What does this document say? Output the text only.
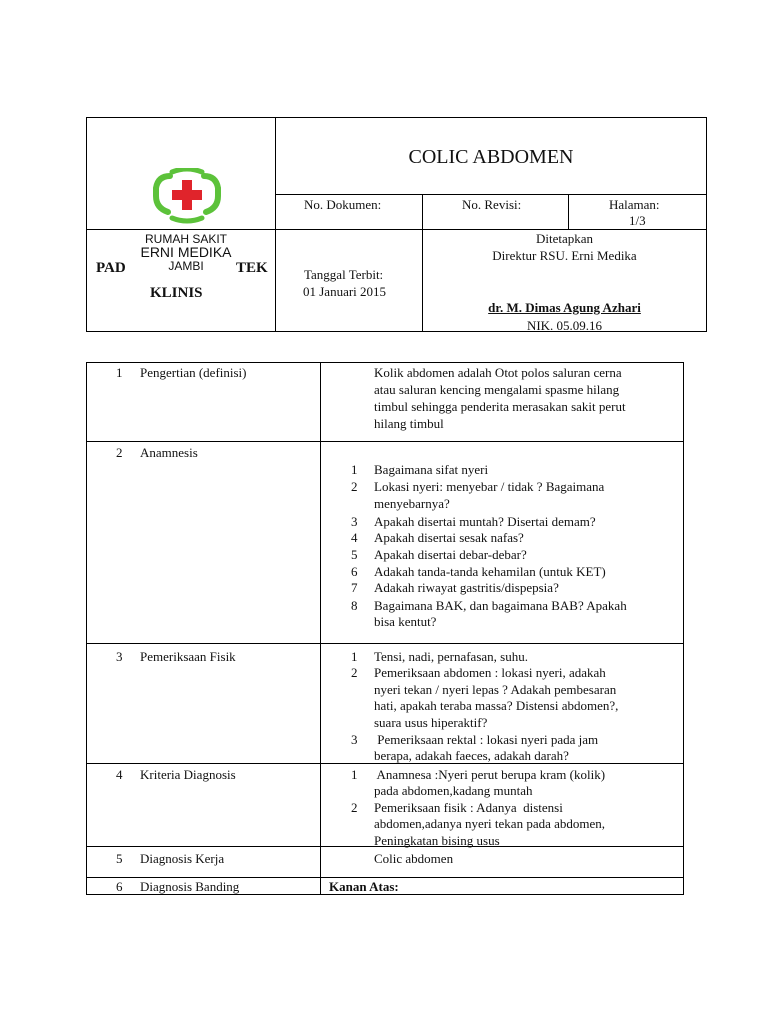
RUMAH SAKIT
ERNI MEDIKA
JAMBI
PAD	TEK
KLINIS
COLIC ABDOMEN
No. Dokumen:	No. Revisi:	Halaman:
1/3
Tanggal Terbit:
01 Januari 2015
Ditetapkan
Direktur RSU. Erni Medika
dr. M. Dimas Agung Azhari
NIK. 05.09.16
1 Pengertian (definisi)	Kolik abdomen adalah Otot polos saluran cerna
atau saluran kencing mengalami spasme hilang
timbul sehingga penderita merasakan sakit perut
hilang timbul
2 Anamnesis
1 Bagaimana sifat nyeri
2 Lokasi nyeri: menyebar / tidak ? Bagaimana
menyebarnya?
3 Apakah disertai muntah? Disertai demam?
4 Apakah disertai sesak nafas?
5 Apakah disertai debar-debar?
6 Adakah tanda-tanda kehamilan (untuk KET)
7 Adakah riwayat gastritis/dispepsia?
8 Bagaimana BAK, dan bagaimana BAB? Apakah
bisa kentut?
3 Pemeriksaan Fisik	1 Tensi, nadi, pernafasan, suhu.
2 Pemeriksaan abdomen : lokasi nyeri, adakah
nyeri tekan / nyeri lepas ? Adakah pembesaran
hati, apakah teraba massa? Distensi abdomen?,
suara usus hiperaktif?
3 Pemeriksaan rektal : lokasi nyeri pada jam
berapa, adakah faeces, adakah darah?
4 Kriteria Diagnosis	1 Anamnesa :Nyeri perut berupa kram (kolik)
pada abdomen,kadang muntah
2 Pemeriksaan fisik : Adanya  distensi
abdomen,adanya nyeri tekan pada abdomen,
Peningkatan bising usus
5 Diagnosis Kerja	Colic abdomen
6 Diagnosis Banding	Kanan Atas:
